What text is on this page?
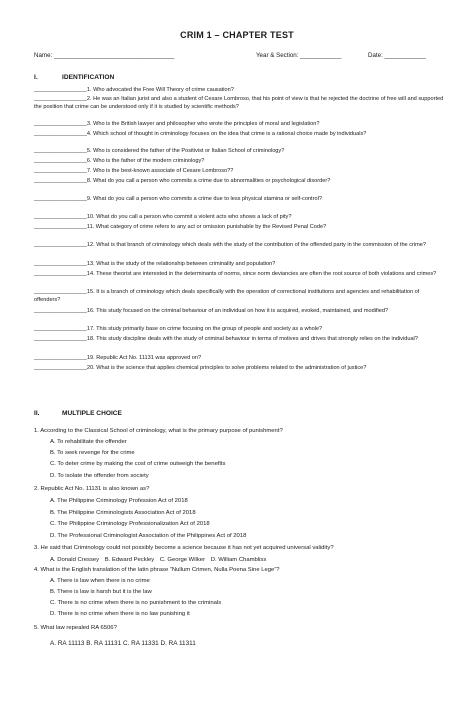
CRIM 1 – CHAPTER TEST
Name: ___________________________________	Year & Section: ____________	Date: ____________
I.	IDENTIFICATION
_________________1. Who advocated the Free Will Theory of crime causation?
_________________2. He was an Italian jurist and also a student of Cesare Lombroso, that his point of view is that he rejected the doctrine of free will and supported the position that crime can be understood only if it is studied by scientific methods?
_________________3. Who is the British lawyer and philosopher who wrote the principles of moral and legislation?
_________________4. Which school of thought in criminology focuses on the idea that crime is a rational choice made by individuals?
_________________5. Who is considered the father of the Positivist or Italian School of criminology?
_________________6. Who is the father of the modern criminology?
_________________7. Who is the best-known associate of Cesare Lombroso??
_________________8. What do you call a person who commits a crime due to abnormalities or psychological disorder?
_________________9. What do you call a person who commits a crime due to less physical stamina or self-control?
_________________10. What do you call a person who commit a violent acts who shows a lack of pity?
_________________11. What category of crime refers to any act or omission punishable by the Revised Penal Code?
_________________12. What is that branch of criminology which deals with the study of the contribution of the offended party in the commission of the crime?
_________________13. What is the study of the relationship between criminality and population?
_________________14. These theorist are interested in the determinants of norms, since norm deviancies are often the root source of both violations and crimes?
_________________15. It is a branch of criminology which deals specifically with the operation of correctional institutions and agencies and rehabilitation of offenders?
_________________16. This study focused on the criminal behaviour of an individual on how it is acquired, evoked, maintained, and modified?
_________________17. This study primarily base on crime focusing on the group of people and society as a whole?
_________________18. This study discipline deals with the study of criminal behaviour in terms of motives and drives that strongly relies on the individual?
_________________19. Republic Act No. 11131 was approved on?
_________________20. What is the science that applies chemical principles to solve problems related to the administration of justice?
II.	MULTIPLE CHOICE
1. According to the Classical School of criminology, what is the primary purpose of punishment?
A. To rehabilitate the offender
B. To seek revenge for the crime
C. To deter crime by making the cost of crime outweigh the benefits
D. To isolate the offender from society
2. Republic Act No. 11131 is also known as?
A. The Philippine Criminology Profession Act of 2018
B. The Philippine Criminologists Association Act of 2018
C. The Philippine Criminology Professionalization Act of 2018
D. The Professional Criminologist Association of the Philippines Act of 2018
3. He said that Criminology could not possibly become a science because it has not yet acquired universal validity?
A. Donald Cressey B. Edward Peckley C. George Wilker D. William Chambliss
4. What is the English translation of the latin phrase “Nullum Crimen, Nulla Poena Sine Lege”?
A. There is law when there is no crime
B. There is law is harsh but it is the law
C. There is no crime when there is no punishment to the criminals
D. There is no crime when there is no law punishing it
5. What law repealed RA 6506?
A. RA 11113 B. RA 11131 C. RA 11331 D. RA 11311
